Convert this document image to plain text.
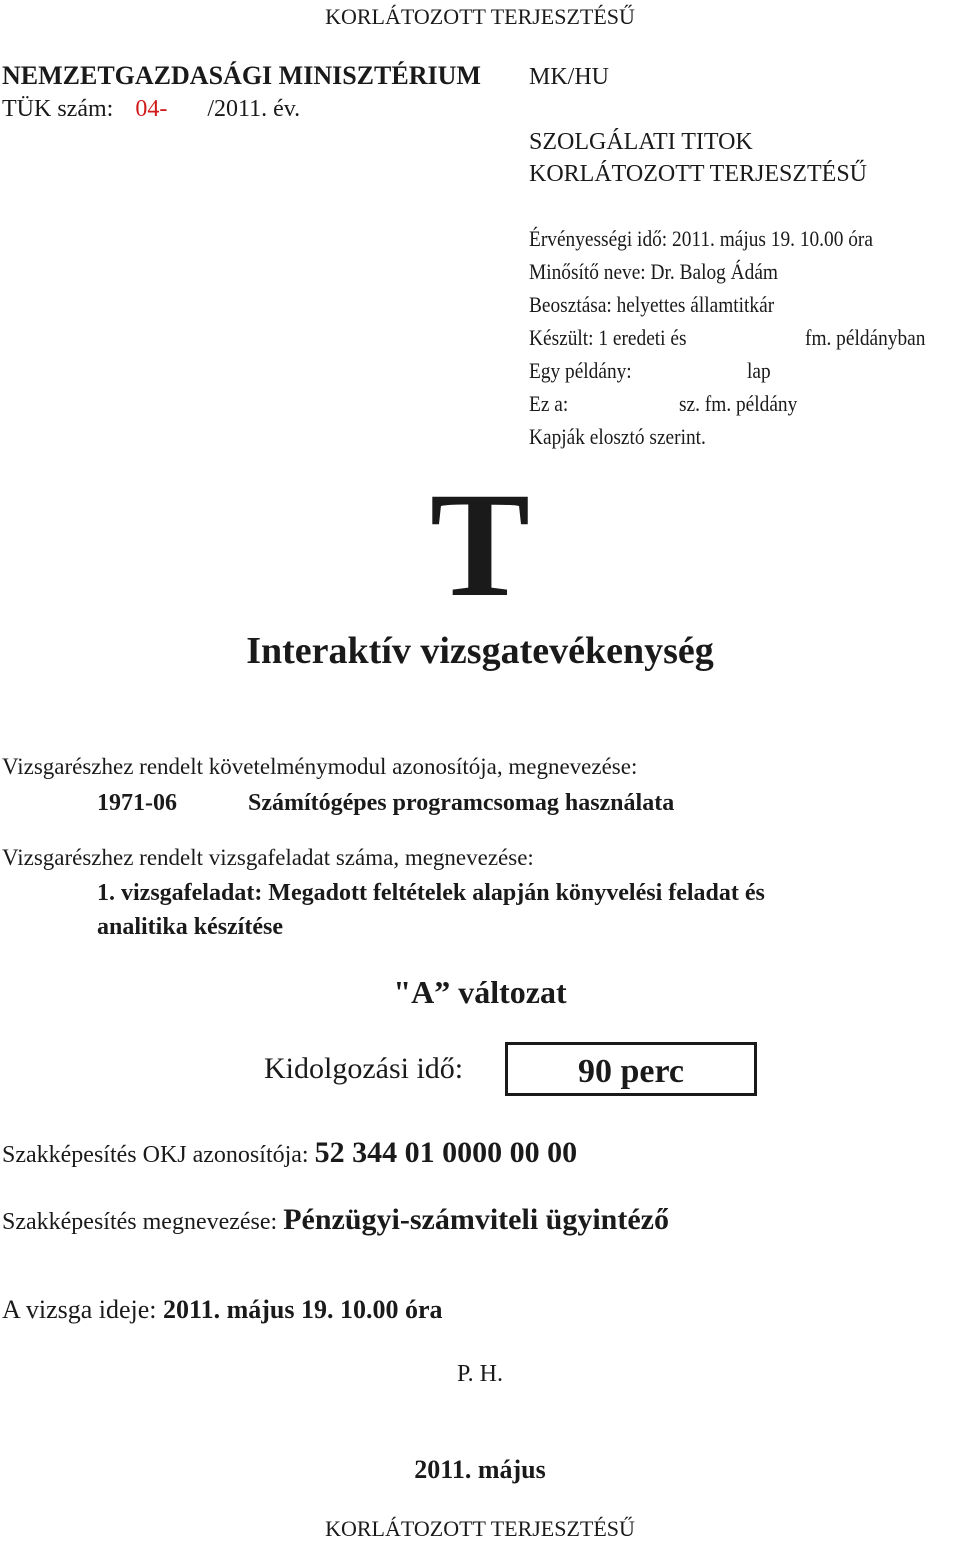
KORLÁTOZOTT TERJESZTÉSŰ
NEMZETGAZDASÁGI MINISZTÉRIUM MK/HU
TÜK szám: 04- /2011. év.
SZOLGÁLATI TITOK
KORLÁTOZOTT TERJESZTÉSŰ
Érvényességi idő: 2011. május 19. 10.00 óra
Minősítő neve: Dr. Balog Ádám
Beosztása: helyettes államtitkár
Készült: 1 eredeti és	fm. példányban
Egy példány:	lap
Ez a:	sz. fm. példány
Kapják elosztó szerint.
T
Interaktív vizsgatevékenység
Vizsgarészhez rendelt követelménymodul azonosítója, megnevezése:
1971-06	Számítógépes programcsomag használata
Vizsgarészhez rendelt vizsgafeladat száma, megnevezése:
1. vizsgafeladat: Megadott feltételek alapján könyvelési feladat és
analitika készítése
"A” változat
Kidolgozási idő:	90 perc
Szakképesítés OKJ azonosítója: 52 344 01 0000 00 00
Szakképesítés megnevezése: Pénzügyi-számviteli ügyintéző
A vizsga ideje: 2011. május 19. 10.00 óra
P. H.
2011. május
KORLÁTOZOTT TERJESZTÉSŰ
